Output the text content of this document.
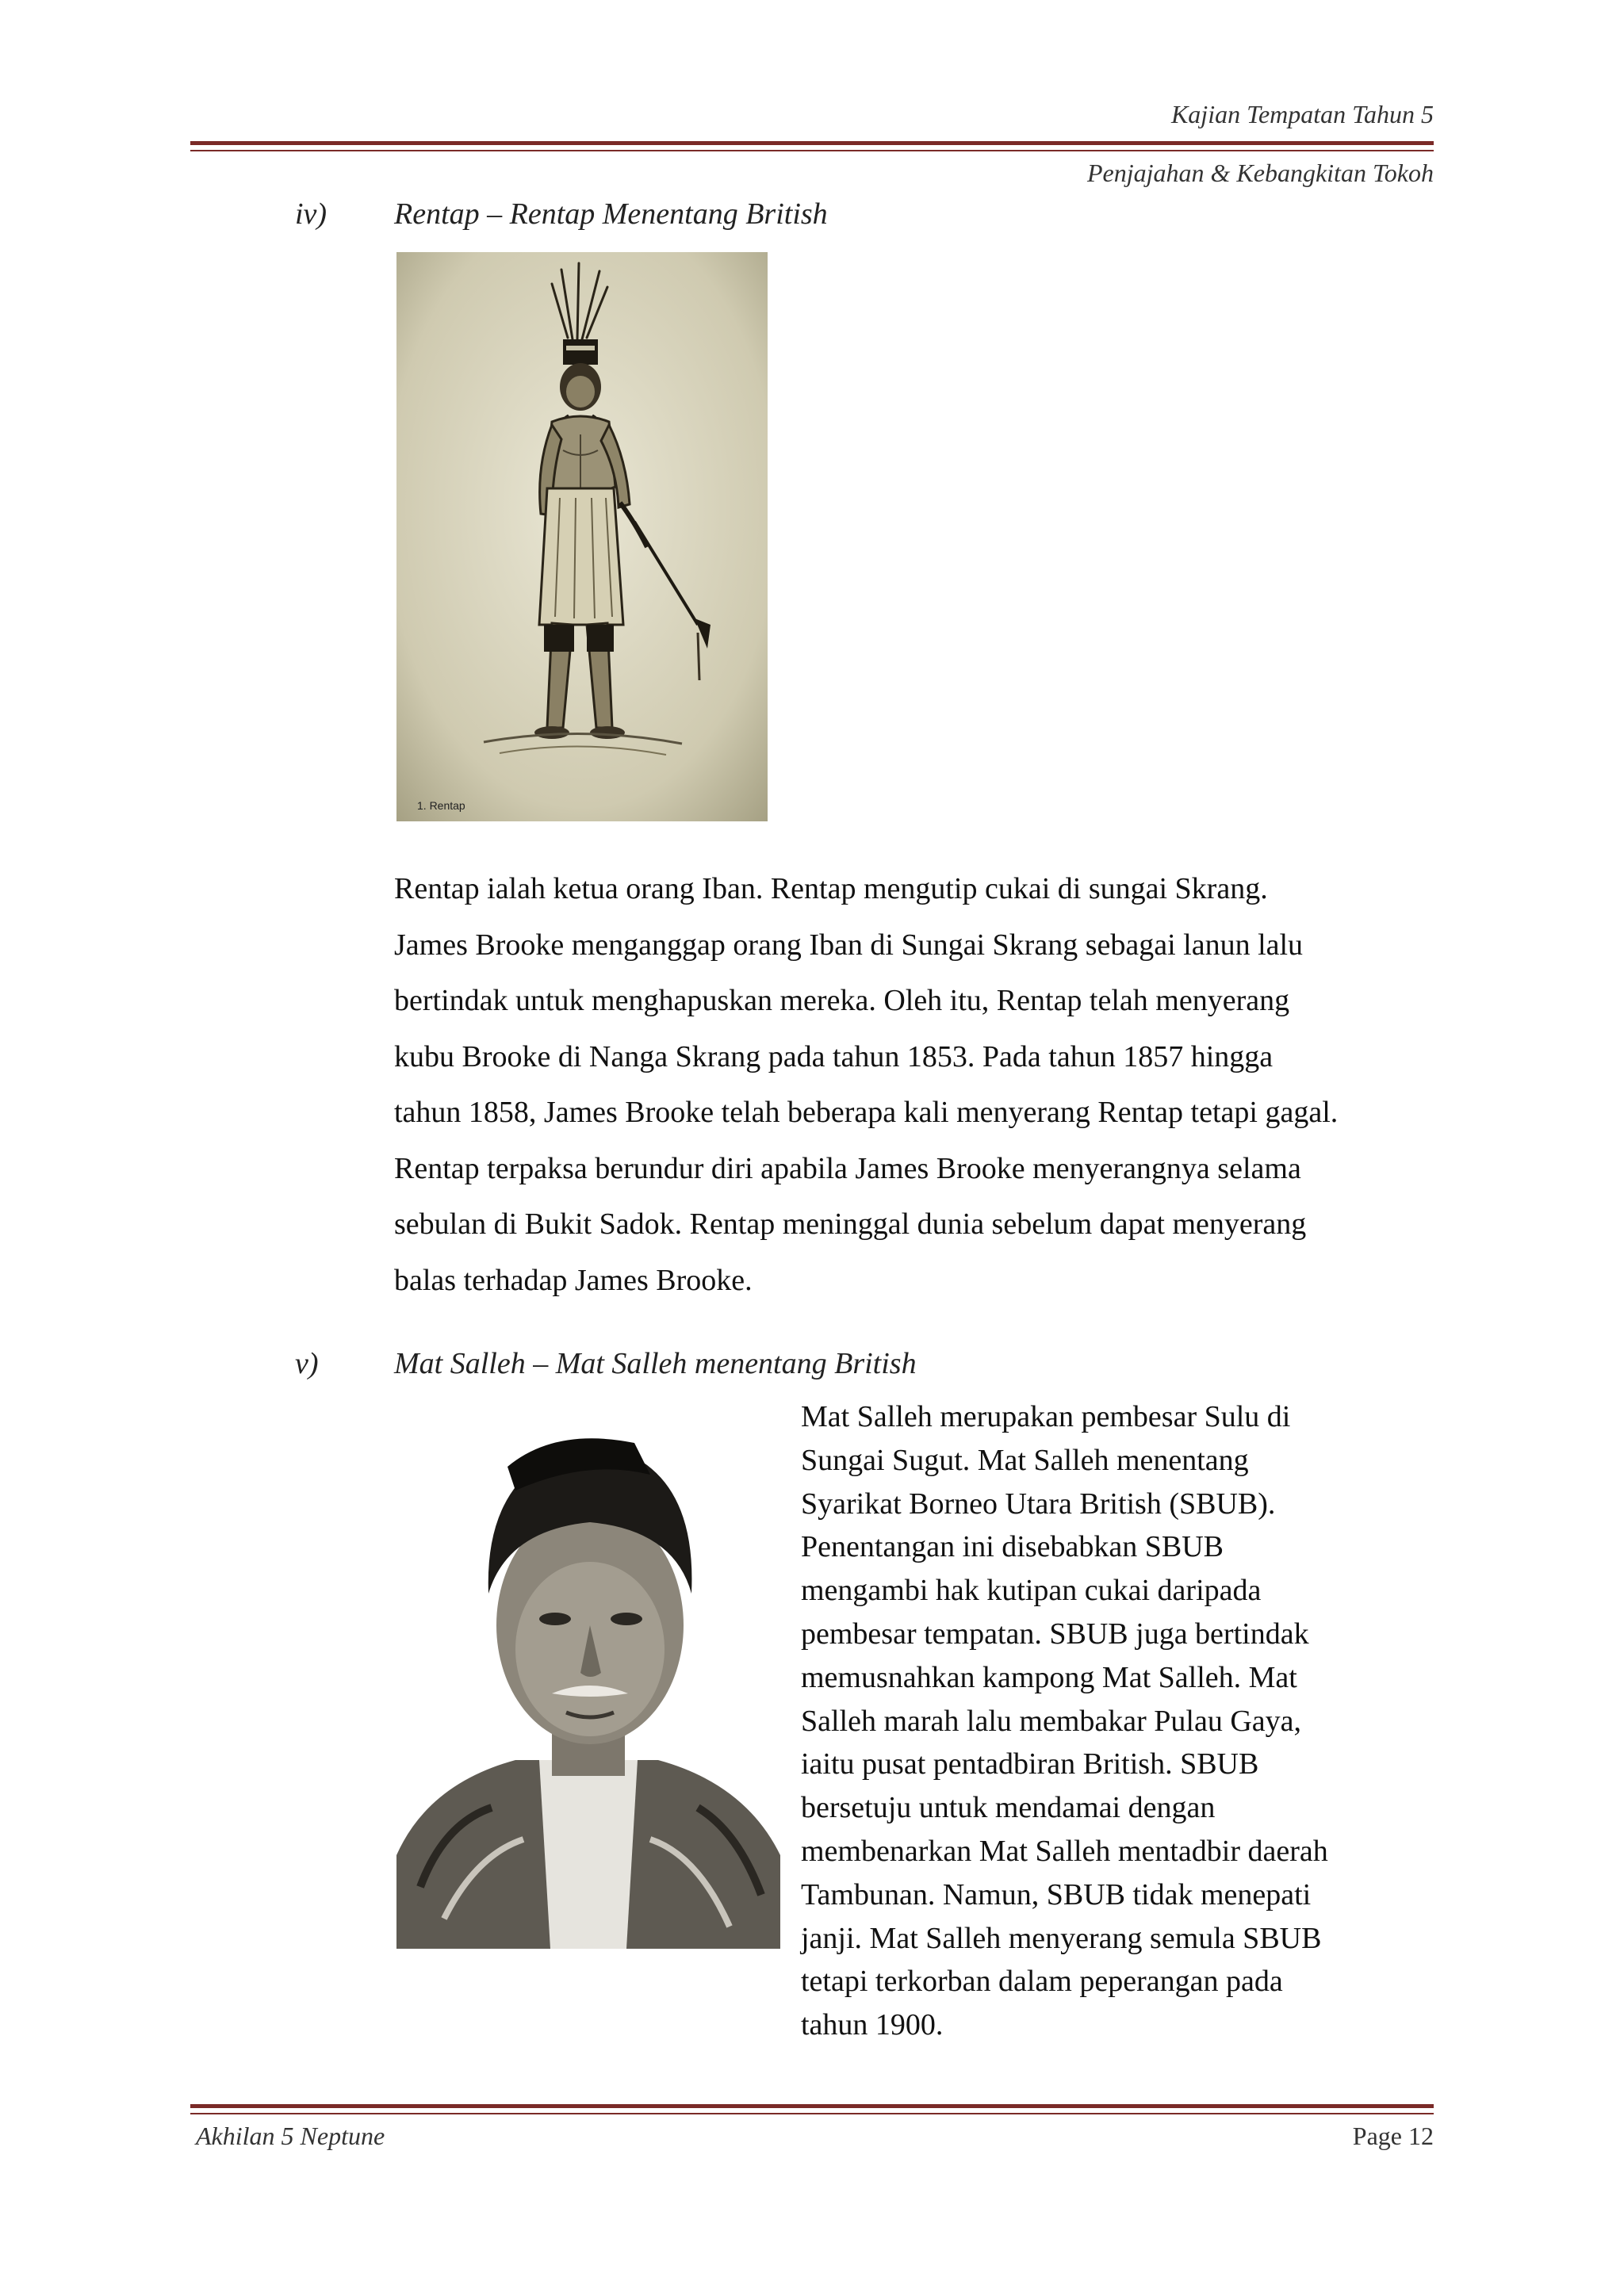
Kajian Tempatan Tahun 5
Penjajahan & Kebangkitan Tokoh
iv) Rentap – Rentap Menentang British
1. Rentap
Rentap ialah ketua orang Iban. Rentap mengutip cukai di sungai Skrang.
James Brooke menganggap orang Iban di Sungai Skrang sebagai lanun lalu
bertindak untuk menghapuskan mereka. Oleh itu, Rentap telah menyerang
kubu Brooke di Nanga Skrang pada tahun 1853. Pada tahun 1857 hingga
tahun 1858, James Brooke telah beberapa kali menyerang Rentap tetapi gagal.
Rentap terpaksa berundur diri apabila James Brooke menyerangnya selama
sebulan di Bukit Sadok. Rentap meninggal dunia sebelum dapat menyerang
balas terhadap James Brooke.
v)	Mat Salleh – Mat Salleh menentang British
Mat Salleh merupakan pembesar Sulu di
Sungai Sugut. Mat Salleh menentang
Syarikat Borneo Utara British (SBUB).
Penentangan ini disebabkan SBUB
mengambi hak kutipan cukai daripada
pembesar tempatan. SBUB juga bertindak
memusnahkan kampong Mat Salleh. Mat
Salleh marah lalu membakar Pulau Gaya,
iaitu pusat pentadbiran British. SBUB
bersetuju untuk mendamai dengan
membenarkan Mat Salleh mentadbir daerah
Tambunan. Namun, SBUB tidak menepati
janji. Mat Salleh menyerang semula SBUB
tetapi terkorban dalam peperangan pada
tahun 1900.
Akhilan 5 Neptune	Page 12
